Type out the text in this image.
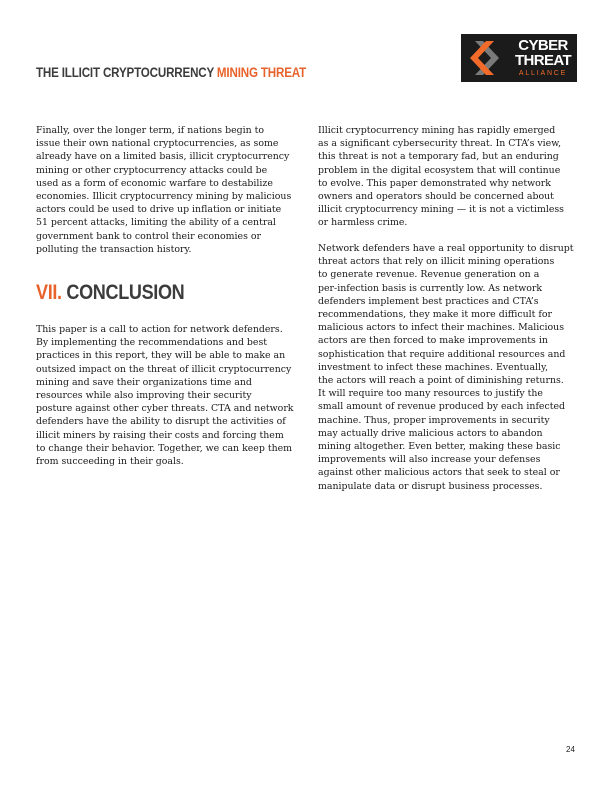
THE ILLICIT CRYPTOCURRENCY MINING THREAT
CYBER
THREAT
ALLIANCE

Finally, over the longer term, if nations begin to
issue their own national cryptocurrencies, as some
already have on a limited basis, illicit cryptocurrency
mining or other cryptocurrency attacks could be
used as a form of economic warfare to destabilize
economies. Illicit cryptocurrency mining by malicious
actors could be used to drive up inflation or initiate
51 percent attacks, limiting the ability of a central
government bank to control their economies or
polluting the transaction history.

VII. CONCLUSION

This paper is a call to action for network defenders.
By implementing the recommendations and best
practices in this report, they will be able to make an
outsized impact on the threat of illicit cryptocurrency
mining and save their organizations time and
resources while also improving their security
posture against other cyber threats. CTA and network
defenders have the ability to disrupt the activities of
illicit miners by raising their costs and forcing them
to change their behavior. Together, we can keep them
from succeeding in their goals.

Illicit cryptocurrency mining has rapidly emerged
as a significant cybersecurity threat. In CTA’s view,
this threat is not a temporary fad, but an enduring
problem in the digital ecosystem that will continue
to evolve. This paper demonstrated why network
owners and operators should be concerned about
illicit cryptocurrency mining — it is not a victimless
or harmless crime.

Network defenders have a real opportunity to disrupt
threat actors that rely on illicit mining operations
to generate revenue. Revenue generation on a
per-infection basis is currently low. As network
defenders implement best practices and CTA’s
recommendations, they make it more difficult for
malicious actors to infect their machines. Malicious
actors are then forced to make improvements in
sophistication that require additional resources and
investment to infect these machines. Eventually,
the actors will reach a point of diminishing returns.
It will require too many resources to justify the
small amount of revenue produced by each infected
machine. Thus, proper improvements in security
may actually drive malicious actors to abandon
mining altogether. Even better, making these basic
improvements will also increase your defenses
against other malicious actors that seek to steal or
manipulate data or disrupt business processes.

24
